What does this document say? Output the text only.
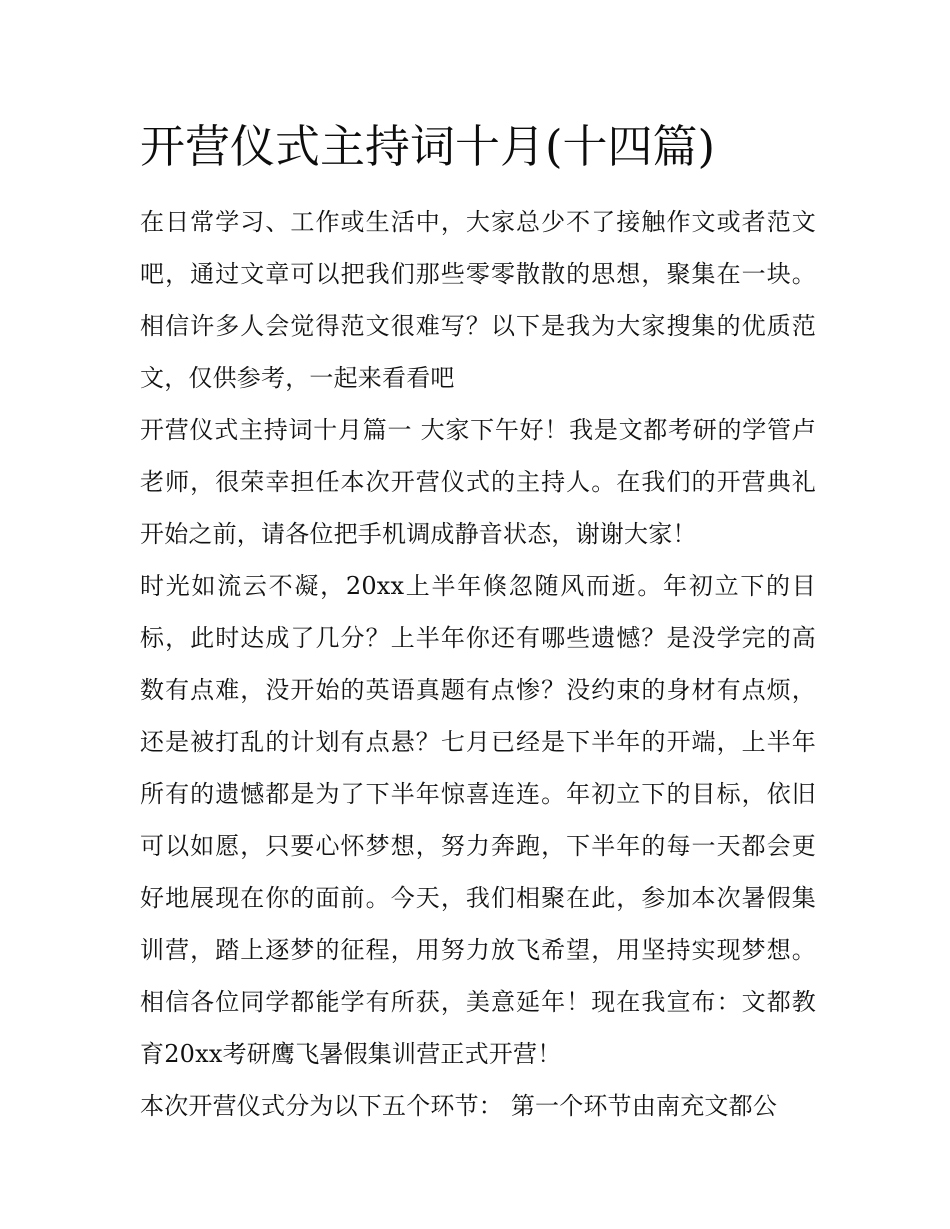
开营仪式主持词十月(十四篇)

在日常学习、工作或生活中，大家总少不了接触作文或者范文吧，通过文章可以把我们那些零零散散的思想，聚集在一块。相信许多人会觉得范文很难写？以下是我为大家搜集的优质范文，仅供参考，一起来看看吧

开营仪式主持词十月篇一 大家下午好！我是文都考研的学管卢老师，很荣幸担任本次开营仪式的主持人。在我们的开营典礼开始之前，请各位把手机调成静音状态，谢谢大家！

时光如流云不凝，20xx上半年倏忽随风而逝。年初立下的目标，此时达成了几分？上半年你还有哪些遗憾？是没学完的高数有点难，没开始的英语真题有点惨？没约束的身材有点烦，还是被打乱的计划有点悬？七月已经是下半年的开端，上半年所有的遗憾都是为了下半年惊喜连连。年初立下的目标，依旧可以如愿，只要心怀梦想，努力奔跑，下半年的每一天都会更好地展现在你的面前。今天，我们相聚在此，参加本次暑假集训营，踏上逐梦的征程，用努力放飞希望，用坚持实现梦想。相信各位同学都能学有所获，美意延年！现在我宣布：文都教育20xx考研鹰飞暑假集训营正式开营！

本次开营仪式分为以下五个环节： 第一个环节由南充文都公
